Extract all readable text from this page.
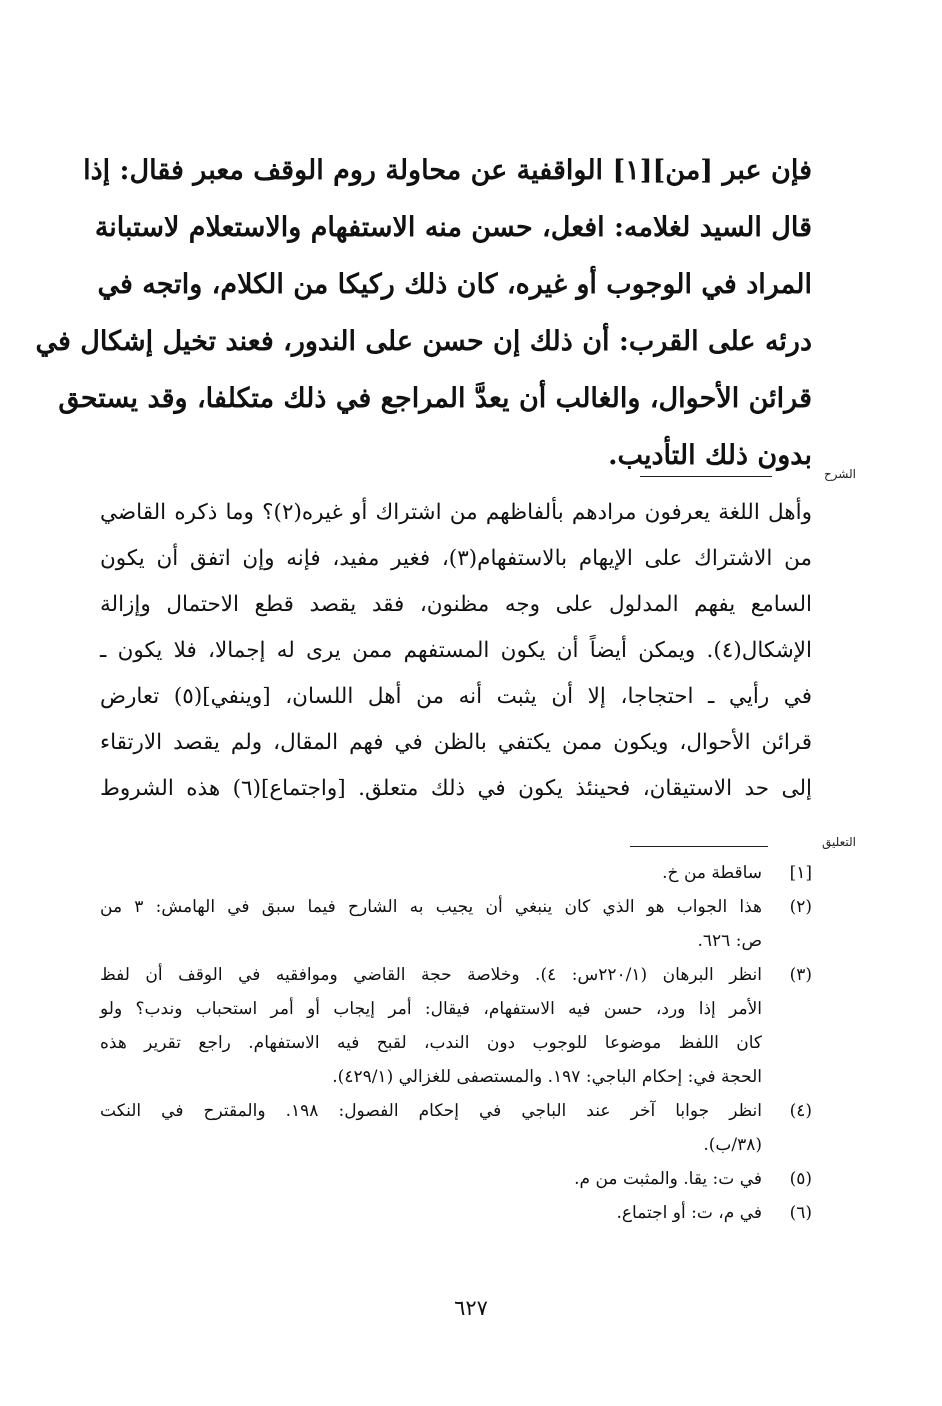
فإن عبر [من][١] الواقفية عن محاولة روم الوقف معبر فقال: إذا
قال السيد لغلامه: افعل، حسن منه الاستفهام والاستعلام لاستبانة
المراد في الوجوب أو غيره، كان ذلك ركيكا من الكلام، واتجه في
درئه على القرب: أن ذلك إن حسن على الندور، فعند تخيل إشكال في
قرائن الأحوال، والغالب أن يعدَّ المراجع في ذلك متكلفا، وقد يستحق
بدون ذلك التأديب.
الشرح
وأهل اللغة يعرفون مرادهم بألفاظهم من اشتراك أو غيره(٢)؟ وما ذكره القاضي
من الاشتراك على الإيهام بالاستفهام(٣)، فغير مفيد، فإنه وإن اتفق أن يكون
السامع يفهم المدلول على وجه مظنون، فقد يقصد قطع الاحتمال وإزالة
الإشكال(٤). ويمكن أيضاً أن يكون المستفهم ممن يرى له إجمالا، فلا يكون ـ
في رأيي ـ احتجاجا، إلا أن يثبت أنه من أهل اللسان، [وينفي](٥) تعارض
قرائن الأحوال، ويكون ممن يكتفي بالظن في فهم المقال، ولم يقصد الارتقاء
إلى حد الاستيقان، فحينئذ يكون في ذلك متعلق. [واجتماع](٦) هذه الشروط
التعليق
[١]
ساقطة من خ.
(٢)
هذا الجواب هو الذي كان ينبغي أن يجيب به الشارح فيما سبق في الهامش: ٣ من
ص: ٦٢٦.
(٣)
انظر البرهان (٢٢٠/١س: ٤). وخلاصة حجة القاضي وموافقيه في الوقف أن لفظ
الأمر إذا ورد، حسن فيه الاستفهام، فيقال: أمر إيجاب أو أمر استحباب وندب؟ ولو
كان اللفظ موضوعا للوجوب دون الندب، لقبح فيه الاستفهام. راجع تقرير هذه
الحجة في: إحكام الباجي: ١٩٧. والمستصفى للغزالي (٤٢٩/١).
(٤)
انظر جوابا آخر عند الباجي في إحكام الفصول: ١٩٨. والمقترح في النكت
(٣٨/ب).
(٥)
في ت: يقا. والمثبت من م.
(٦)
في م، ت: أو اجتماع.
٦٢٧
